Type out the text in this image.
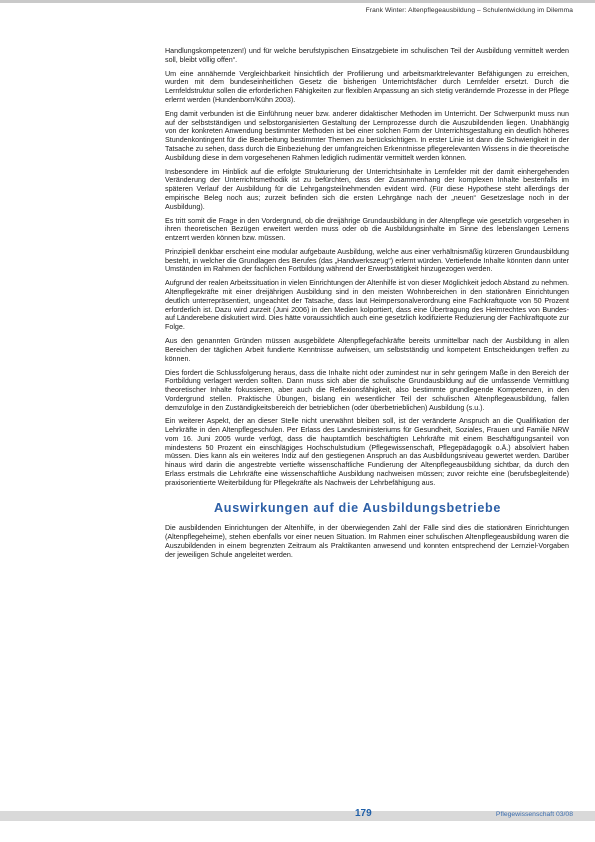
Frank Winter: Altenpflegeausbildung – Schulentwicklung im Dilemma

Handlungskompetenzen!) und für welche berufstypischen Einsatzgebiete im schulischen Teil der Ausbildung vermittelt werden soll, bleibt völlig offen“.

Um eine annähernde Vergleichbarkeit hinsichtlich der Profilierung und arbeitsmarktrelevanter Befähigungen zu erreichen, wurden mit dem bundeseinheitlichen Gesetz die bisherigen Unterrichtsfächer durch Lernfelder ersetzt. Durch die Lernfeldstruktur sollen die erforderlichen Fähigkeiten zur flexiblen Anpassung an sich stetig verändernde Prozesse in der Pflege erlernt werden (Hundenborn/Kühn 2003).

Eng damit verbunden ist die Einführung neuer bzw. anderer didaktischer Methoden im Unterricht. Der Schwerpunkt muss nun auf der selbstständigen und selbstorganisierten Gestaltung der Lernprozesse durch die Auszubildenden liegen. Unabhängig von der konkreten Anwendung bestimmter Methoden ist bei einer solchen Form der Unterrichtsgestaltung ein deutlich höheres Stundenkontingent für die Bearbeitung bestimmter Themen zu berücksichtigen. In erster Linie ist dann die Schwierigkeit in der Tatsache zu sehen, dass durch die Einbeziehung der umfangreichen Erkenntnisse pflegerelevanten Wissens in die theoretische Ausbildung diese in dem vorgesehenen Rahmen lediglich rudimentär vermittelt werden können.

Insbesondere im Hinblick auf die erfolgte Strukturierung der Unterrichtsinhalte in Lernfelder mit der damit einhergehenden Veränderung der Unterrichtsmethodik ist zu befürchten, dass der Zusammenhang der komplexen Inhalte bestenfalls im späteren Verlauf der Ausbildung für die Lehrgangsteilnehmenden evident wird. (Für diese Hypothese steht allerdings der empirische Beleg noch aus; zurzeit befinden sich die ersten Lehrgänge nach der „neuen“ Gesetzeslage noch in der Ausbildung).

Es tritt somit die Frage in den Vordergrund, ob die dreijährige Grundausbildung in der Altenpflege wie gesetzlich vorgesehen in ihren theoretischen Bezügen erweitert werden muss oder ob die Ausbildungsinhalte im Sinne des lebenslangen Lernens entzerrt werden können bzw. müssen.

Prinzipiell denkbar erscheint eine modular aufgebaute Ausbildung, welche aus einer verhältnismäßig kürzeren Grundausbildung besteht, in welcher die Grundlagen des Berufes (das „Handwerkszeug“) erlernt würden. Vertiefende Inhalte könnten dann unter Umständen im Rahmen der fachlichen Fortbildung während der Erwerbstätigkeit hinzugezogen werden.

Aufgrund der realen Arbeitssituation in vielen Einrichtungen der Altenhilfe ist von dieser Möglichkeit jedoch Abstand zu nehmen. Altenpflegekräfte mit einer dreijährigen Ausbildung sind in den meisten Wohnbereichen in den stationären Einrichtungen deutlich unterrepräsentiert, ungeachtet der Tatsache, dass laut Heimpersonalverordnung eine Fachkraftquote von 50 Prozent erforderlich ist. Dazu wird zurzeit (Juni 2006) in den Medien kolportiert, dass eine Übertragung des Heimrechtes von Bundes- auf Länderebene diskutiert wird. Dies hätte voraussichtlich auch eine gesetzlich kodifizierte Reduzierung der Fachkraftquote zur Folge.

Aus den genannten Gründen müssen ausgebildete Altenpflegefachkräfte bereits unmittelbar nach der Ausbildung in allen Bereichen der täglichen Arbeit fundierte Kenntnisse aufweisen, um selbstständig und kompetent Entscheidungen treffen zu können.

Dies fordert die Schlussfolgerung heraus, dass die Inhalte nicht oder zumindest nur in sehr geringem Maße in den Bereich der Fortbildung verlagert werden sollten. Dann muss sich aber die schulische Grundausbildung auf die umfassende Vermittlung theoretischer Inhalte fokussieren, aber auch die Reflexionsfähigkeit, also bestimmte grundlegende Kompetenzen, in den Vordergrund stellen. Praktische Übungen, bislang ein wesentlicher Teil der schulischen Altenpflegeausbildung, fallen demzufolge in den Zuständigkeitsbereich der betrieblichen (oder überbetrieblichen) Ausbildung (s.u.).

Ein weiterer Aspekt, der an dieser Stelle nicht unerwähnt bleiben soll, ist der veränderte Anspruch an die Qualifikation der Lehrkräfte in den Altenpflegeschulen. Per Erlass des Landesministeriums für Gesundheit, Soziales, Frauen und Familie NRW vom 16. Juni 2005 wurde verfügt, dass die hauptamtlich beschäftigten Lehrkräfte mit einem Beschäftigungsanteil von mindestens 50 Prozent ein einschlägiges Hochschulstudium (Pflegewissenschaft, Pflegepädagogik o.Ä.) absolviert haben müssen. Dies kann als ein weiteres Indiz auf den gestiegenen Anspruch an das Ausbildungsniveau gewertet werden. Darüber hinaus wird darin die angestrebte vertiefte wissenschaftliche Fundierung der Altenpflegeausbildung sichtbar, da durch den Erlass erstmals die Lehrkräfte eine wissenschaftliche Ausbildung nachweisen müssen; zuvor reichte eine (berufsbegleitende) praxisorientierte Weiterbildung für Pflegekräfte als Nachweis der Lehrbefähigung aus.

Auswirkungen auf die Ausbildungsbetriebe

Die ausbildenden Einrichtungen der Altenhilfe, in der überwiegenden Zahl der Fälle sind dies die stationären Einrichtungen (Altenpflegeheime), stehen ebenfalls vor einer neuen Situation. Im Rahmen einer schulischen Altenpflegeausbildung waren die Auszubildenden in einem begrenzten Zeitraum als Praktikanten anwesend und konnten entsprechend der Lernziel-Vorgaben der jeweiligen Schule angeleitet werden.

179	Pflegewissenschaft 03/08
